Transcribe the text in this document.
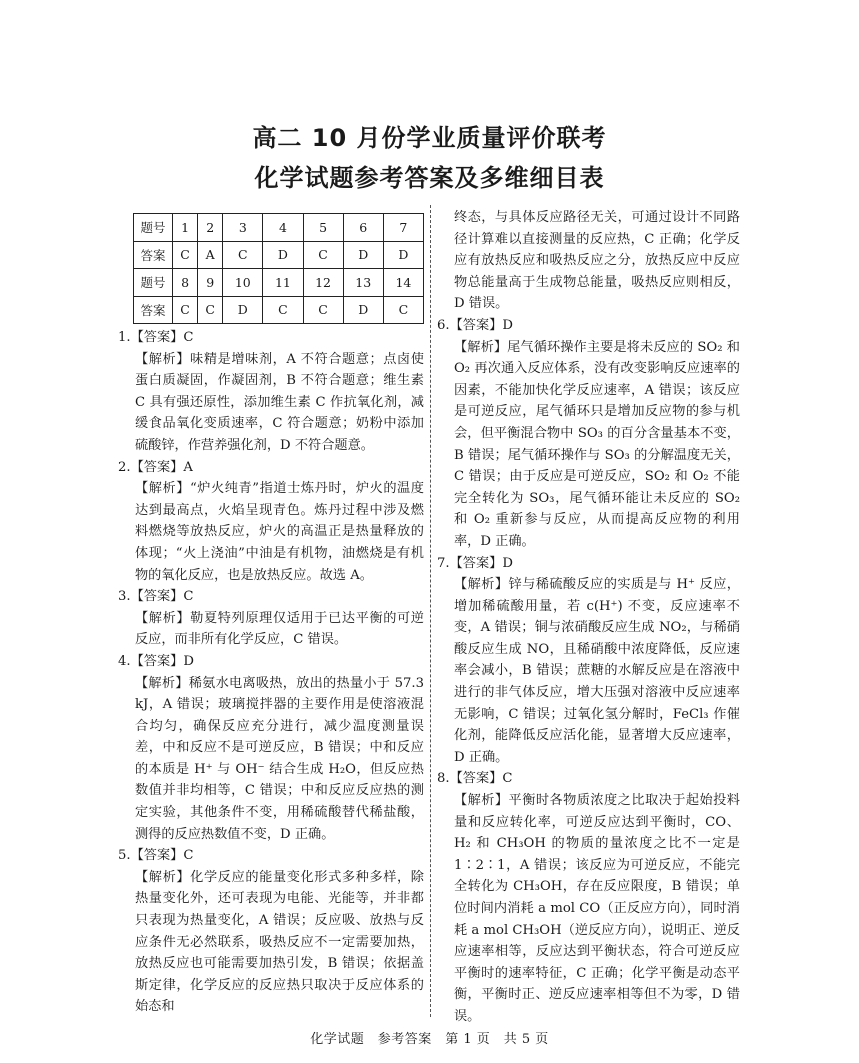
高二 10 月份学业质量评价联考
化学试题参考答案及多维细目表
题号	1	2	3	4	5	6	7
答案	C	A	C	D	C	D	D
题号	8	9	10	11	12	13	14
答案	C	C	D	C	C	D	C

1.【答案】C

【解析】味精是增味剂，A 不符合题意；点卤使蛋白质凝固，作凝固剂，B 不符合题意；维生素 C 具有强还原性，添加维生素 C 作抗氧化剂，减缓食品氧化变质速率，C 符合题意；奶粉中添加硫酸锌，作营养强化剂，D 不符合题意。

2.【答案】A

【解析】“炉火纯青”指道士炼丹时，炉火的温度达到最高点，火焰呈现青色。炼丹过程中涉及燃料燃烧等放热反应，炉火的高温正是热量释放的体现；“火上浇油”中油是有机物，油燃烧是有机物的氧化反应，也是放热反应。故选 A。

3.【答案】C

【解析】勒夏特列原理仅适用于已达平衡的可逆反应，而非所有化学反应，C 错误。

4.【答案】D

【解析】稀氨水电离吸热，放出的热量小于 57.3 kJ，A 错误；玻璃搅拌器的主要作用是使溶液混合均匀，确保反应充分进行，减少温度测量误差，中和反应不是可逆反应，B 错误；中和反应的本质是 H⁺ 与 OH⁻ 结合生成 H₂O，但反应热数值并非均相等，C 错误；中和反应反应热的测定实验，其他条件不变，用稀硫酸替代稀盐酸，测得的反应热数值不变，D 正确。

5.【答案】C

【解析】化学反应的能量变化形式多种多样，除热量变化外，还可表现为电能、光能等，并非都只表现为热量变化，A 错误；反应吸、放热与反应条件无必然联系，吸热反应不一定需要加热，放热反应也可能需要加热引发，B 错误；依据盖斯定律，化学反应的反应热只取决于反应体系的始态和

终态，与具体反应路径无关，可通过设计不同路径计算难以直接测量的反应热，C 正确；化学反应有放热反应和吸热反应之分，放热反应中反应物总能量高于生成物总能量，吸热反应则相反，D 错误。

6.【答案】D

【解析】尾气循环操作主要是将未反应的 SO₂ 和 O₂ 再次通入反应体系，没有改变影响反应速率的因素，不能加快化学反应速率，A 错误；该反应是可逆反应，尾气循环只是增加反应物的参与机会，但平衡混合物中 SO₃ 的百分含量基本不变，B 错误；尾气循环操作与 SO₃ 的分解温度无关，C 错误；由于反应是可逆反应，SO₂ 和 O₂ 不能完全转化为 SO₃，尾气循环能让未反应的 SO₂ 和 O₂ 重新参与反应，从而提高反应物的利用率，D 正确。

7.【答案】D

【解析】锌与稀硫酸反应的实质是与 H⁺ 反应，增加稀硫酸用量，若 c(H⁺) 不变，反应速率不变，A 错误；铜与浓硝酸反应生成 NO₂，与稀硝酸反应生成 NO，且稀硝酸中浓度降低，反应速率会减小，B 错误；蔗糖的水解反应是在溶液中进行的非气体反应，增大压强对溶液中反应速率无影响，C 错误；过氧化氢分解时，FeCl₃ 作催化剂，能降低反应活化能，显著增大反应速率，D 正确。

8.【答案】C

【解析】平衡时各物质浓度之比取决于起始投料量和反应转化率，可逆反应达到平衡时，CO、H₂ 和 CH₃OH 的物质的量浓度之比不一定是 1∶2∶1，A 错误；该反应为可逆反应，不能完全转化为 CH₃OH，存在反应限度，B 错误；单位时间内消耗 a mol CO（正反应方向），同时消耗 a mol CH₃OH（逆反应方向），说明正、逆反应速率相等，反应达到平衡状态，符合可逆反应平衡时的速率特征，C 正确；化学平衡是动态平衡，平衡时正、逆反应速率相等但不为零，D 错误。

化学试题　参考答案　第 1 页　共 5 页
